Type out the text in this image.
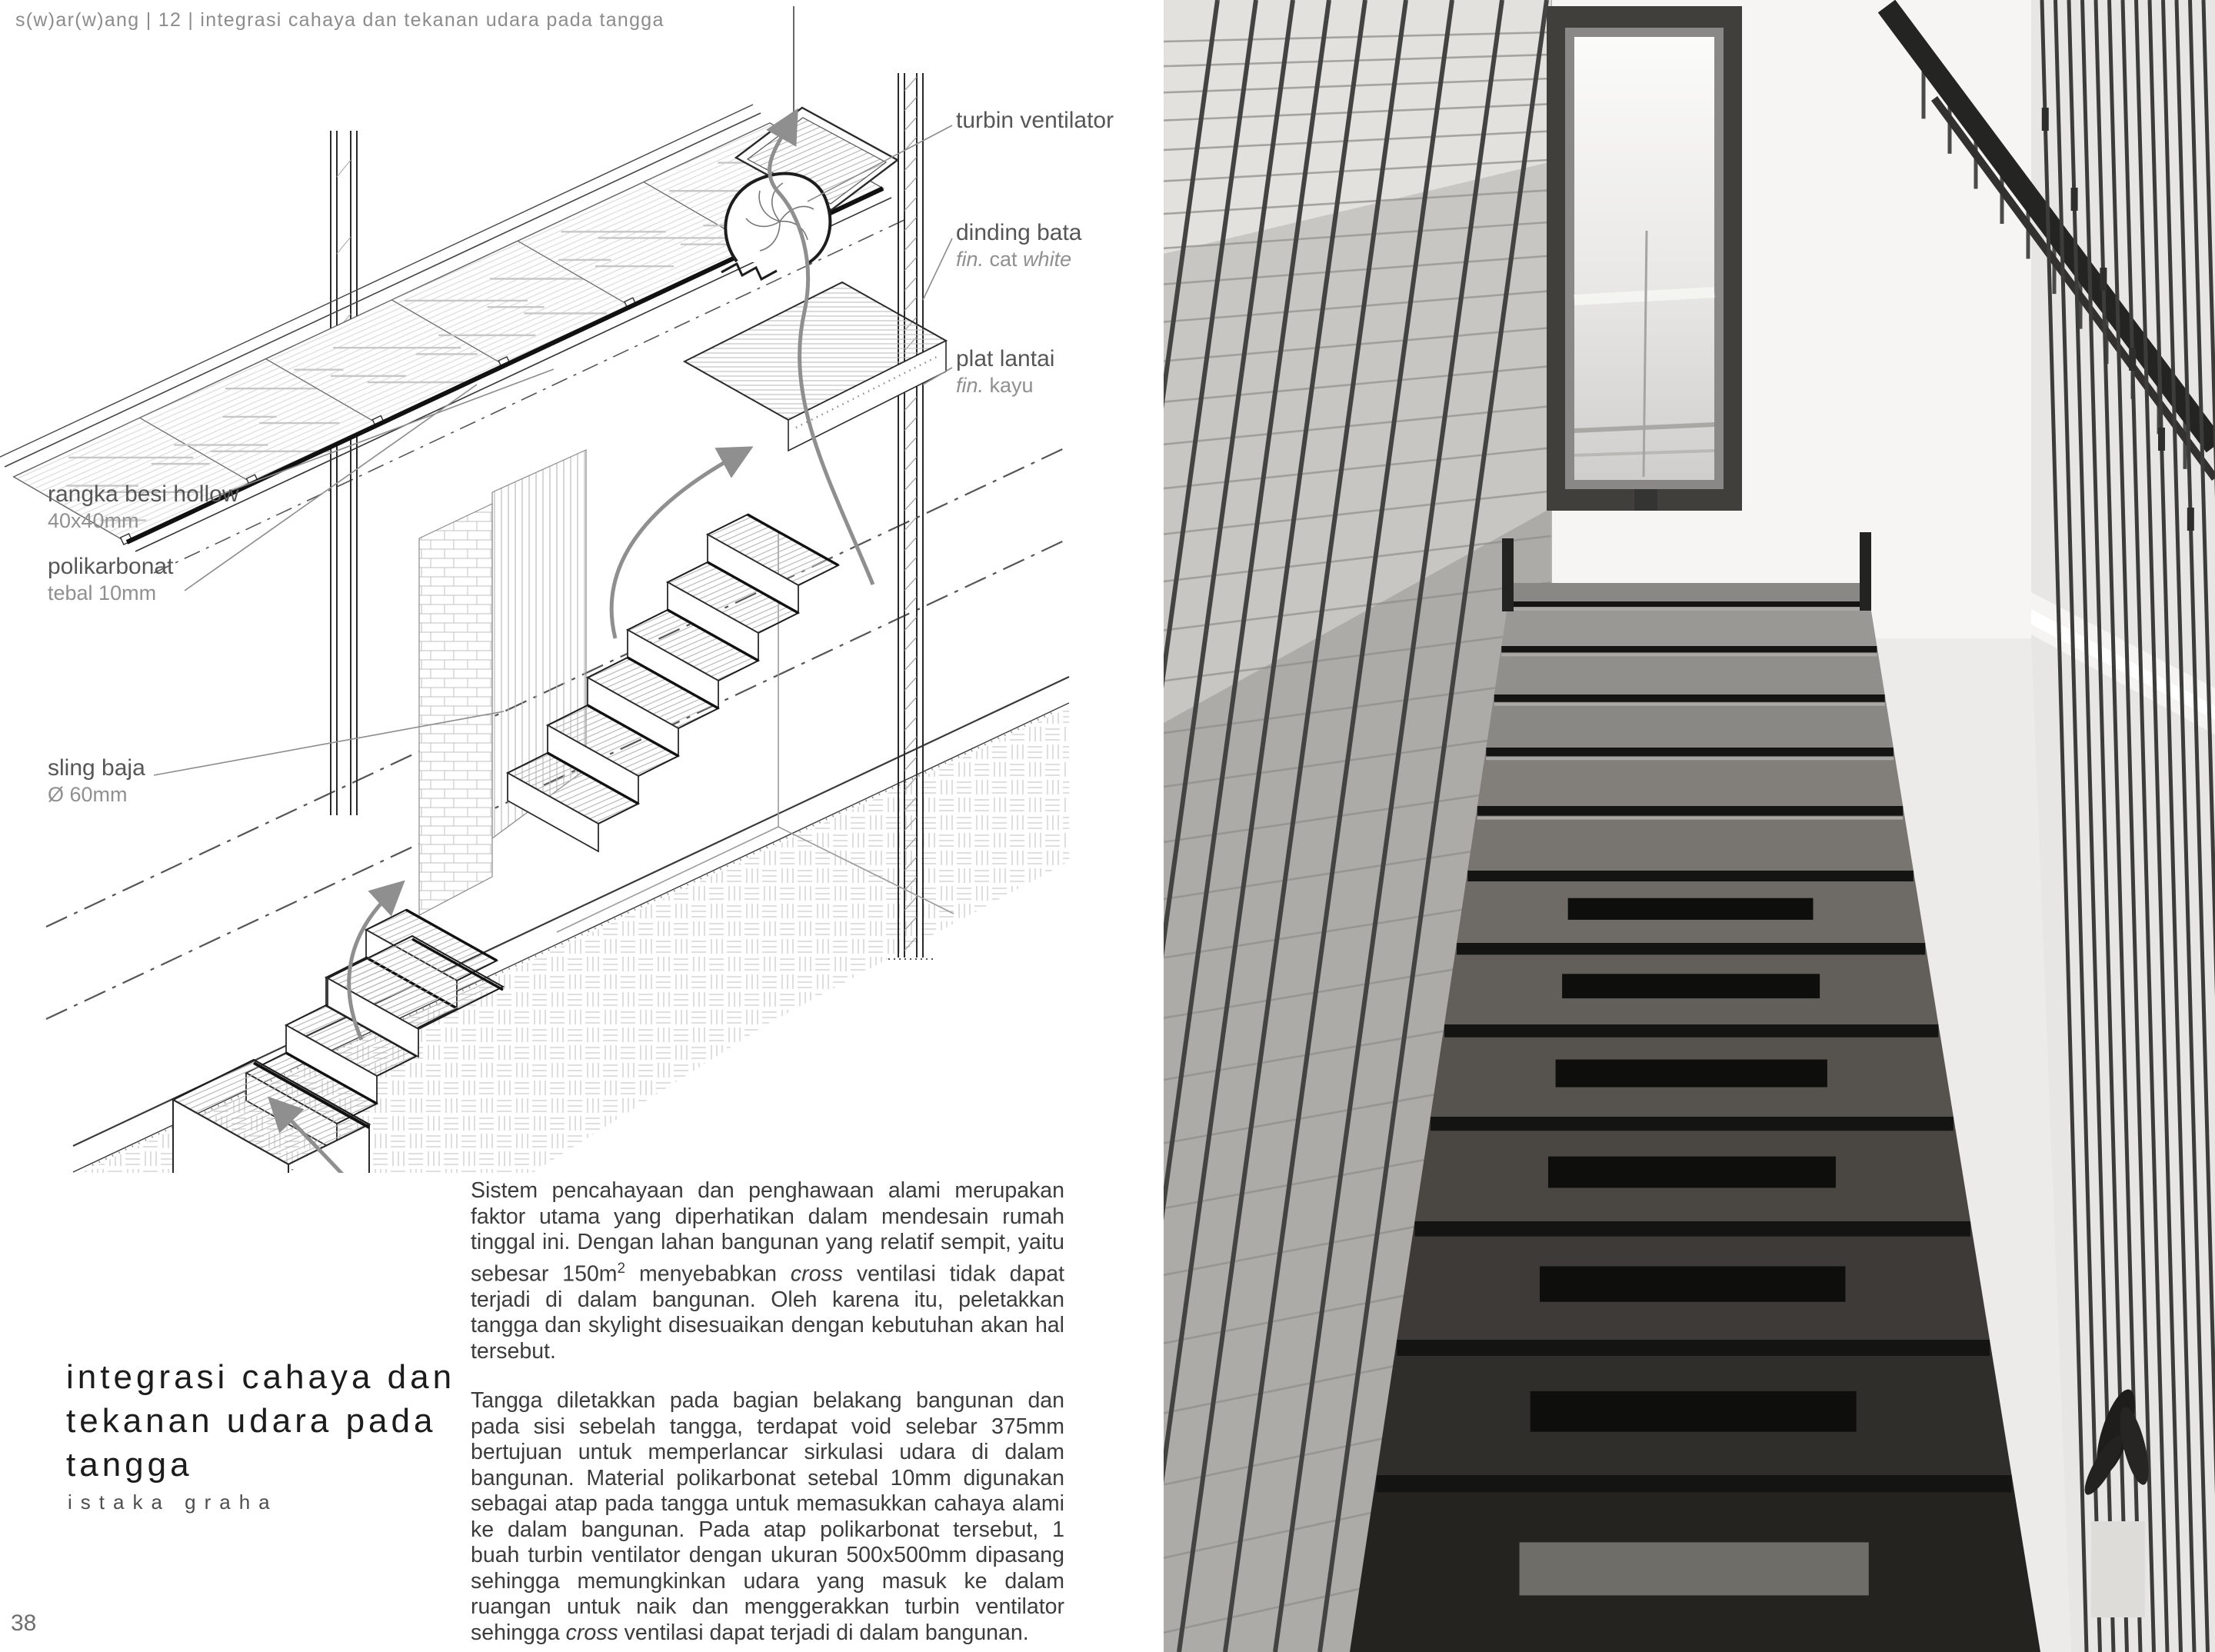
turbin ventilator
dinding bata
fin. cat white
plat lantai
fin. kayu
rangka besi hollow
40x40mm
polikarbonat
tebal 10mm
sling baja
Ø 60mm
s(w)ar(w)ang | 12 | integrasi cahaya dan tekanan udara pada tangga
integrasi cahaya dan tekanan udara pada tangga
istaka graha

Sistem pencahayaan dan penghawaan alami merupakan faktor utama yang diperhatikan dalam mendesain rumah tinggal ini. Dengan lahan bangunan yang relatif sempit, yaitu sebesar $150m^2$ menyebabkan cross ventilasi tidak dapat terjadi di dalam bangunan. Oleh karena itu, peletakkan tangga dan skylight disesuaikan dengan kebutuhan akan hal tersebut.

Tangga diletakkan pada bagian belakang bangunan dan pada sisi sebelah tangga, terdapat void selebar 375mm bertujuan untuk memperlancar sirkulasi udara di dalam bangunan. Material polikarbonat setebal 10mm digunakan sebagai atap pada tangga untuk memasukkan cahaya alami ke dalam bangunan. Pada atap polikarbonat tersebut, 1 buah turbin ventilator dengan ukuran 500x500mm dipasang sehingga memungkinkan udara yang masuk ke dalam ruangan untuk naik dan menggerakkan turbin ventilator sehingga cross ventilasi dapat terjadi di dalam bangunan.

38
